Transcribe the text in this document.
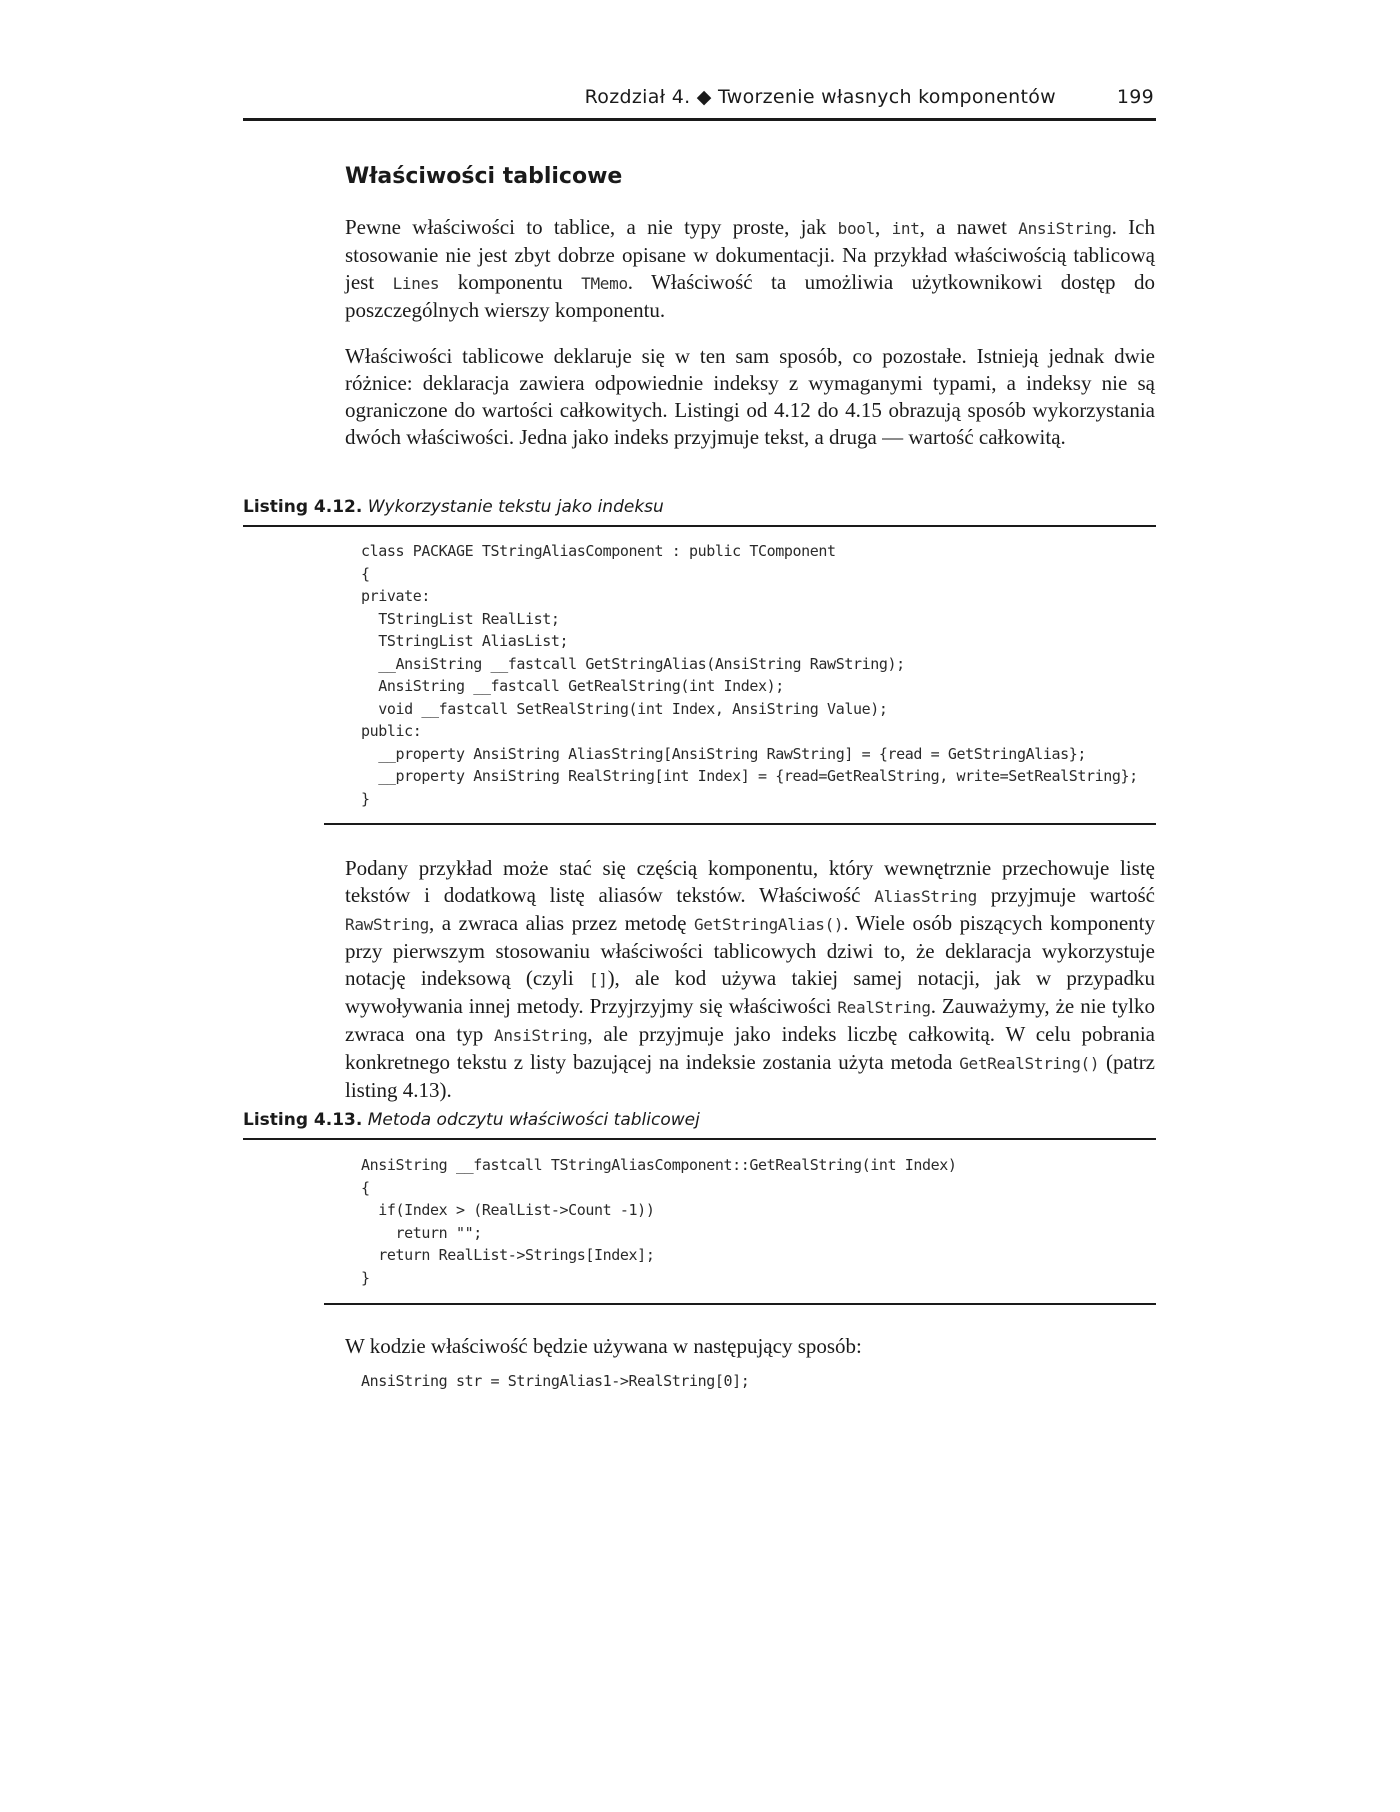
Rozdział 4. ◆ Tworzenie własnych komponentów	199
Właściwości tablicowe

Pewne właściwości to tablice, a nie typy proste, jak bool, int, a nawet AnsiString. Ich stosowanie nie jest zbyt dobrze opisane w dokumentacji. Na przykład właściwością tablicową jest Lines komponentu TMemo. Właściwość ta umożliwia użytkownikowi dostęp do poszczególnych wierszy komponentu.

Właściwości tablicowe deklaruje się w ten sam sposób, co pozostałe. Istnieją jednak dwie różnice: deklaracja zawiera odpowiednie indeksy z wymaganymi typami, a indeksy nie są ograniczone do wartości całkowitych. Listingi od 4.12 do 4.15 obrazują sposób wykorzystania dwóch właściwości. Jedna jako indeks przyjmuje tekst, a druga — wartość całkowitą.

Listing 4.12. Wykorzystanie tekstu jako indeksu
class PACKAGE TStringAliasComponent : public TComponent
{
private:
TStringList RealList;
TStringList AliasList;
__AnsiString __fastcall GetStringAlias(AnsiString RawString);
AnsiString __fastcall GetRealString(int Index);
void __fastcall SetRealString(int Index, AnsiString Value);
public:
__property AnsiString AliasString[AnsiString RawString] = {read = GetStringAlias};
__property AnsiString RealString[int Index] = {read=GetRealString, write=SetRealString};
}

Podany przykład może stać się częścią komponentu, który wewnętrznie przechowuje listę tekstów i dodatkową listę aliasów tekstów. Właściwość AliasString przyjmuje wartość RawString, a zwraca alias przez metodę GetStringAlias(). Wiele osób piszących komponenty przy pierwszym stosowaniu właściwości tablicowych dziwi to, że deklaracja wykorzystuje notację indeksową (czyli []), ale kod używa takiej samej notacji, jak w przypadku wywoływania innej metody. Przyjrzyjmy się właściwości RealString. Zauważymy, że nie tylko zwraca ona typ AnsiString, ale przyjmuje jako indeks liczbę całkowitą. W celu pobrania konkretnego tekstu z listy bazującej na indeksie zostania użyta metoda GetRealString() (patrz listing 4.13).

Listing 4.13. Metoda odczytu właściwości tablicowej
AnsiString __fastcall TStringAliasComponent::GetRealString(int Index)
{
if(Index > (RealList->Count -1))
return "";
return RealList->Strings[Index];
}

W kodzie właściwość będzie używana w następujący sposób:

AnsiString str = StringAlias1->RealString[0];
